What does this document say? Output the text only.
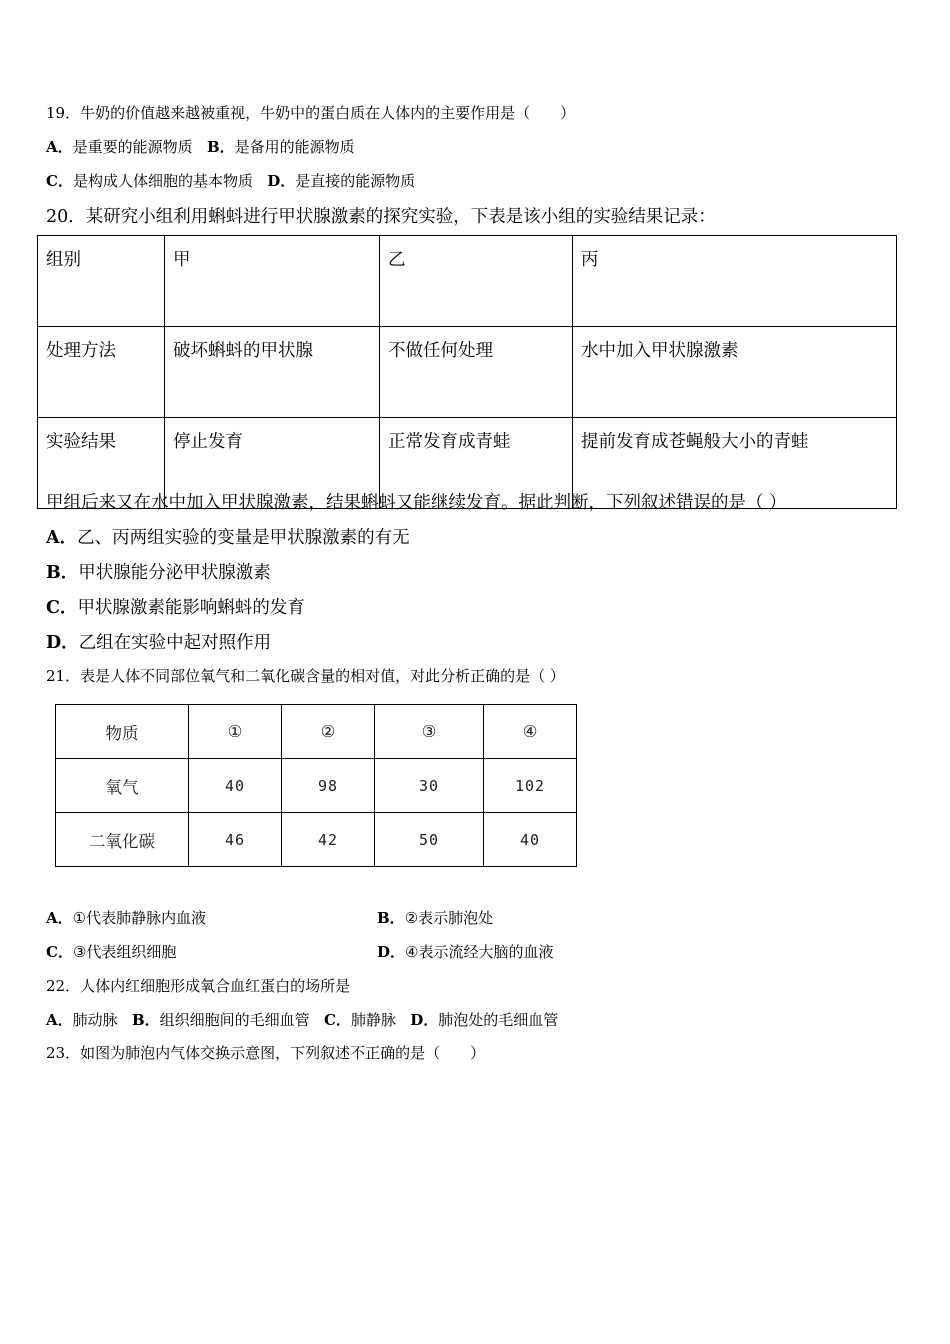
19．牛奶的价值越来越被重视，牛奶中的蛋白质在人体内的主要作用是（　　）
A．是重要的能源物质 B．是备用的能源物质
C．是构成人体细胞的基本物质 D．是直接的能源物质
20．某研究小组利用蝌蚪进行甲状腺激素的探究实验，下表是该小组的实验结果记录：
组别	甲	乙	丙
处理方法	破坏蝌蚪的甲状腺	不做任何处理	水中加入甲状腺激素
实验结果	停止发育	正常发育成青蛙	提前发育成苍蝇般大小的青蛙
甲组后来又在水中加入甲状腺激素，结果蝌蚪又能继续发育。据此判断，下列叙述错误的是（ ）
A．乙、丙两组实验的变量是甲状腺激素的有无
B．甲状腺能分泌甲状腺激素
C．甲状腺激素能影响蝌蚪的发育
D．乙组在实验中起对照作用
21．表是人体不同部位氧气和二氧化碳含量的相对值，对此分析正确的是（ ）
物质	①	②	③	④
氧气	40	98	30	102
二氧化碳	46	42	50	40
A．①代表肺静脉内血液	B．②表示肺泡处
C．③代表组织细胞	D．④表示流经大脑的血液
22．人体内红细胞形成氧合血红蛋白的场所是
A．肺动脉 B．组织细胞间的毛细血管 C．肺静脉 D．肺泡处的毛细血管
23．如图为肺泡内气体交换示意图，下列叙述不正确的是（　　）
